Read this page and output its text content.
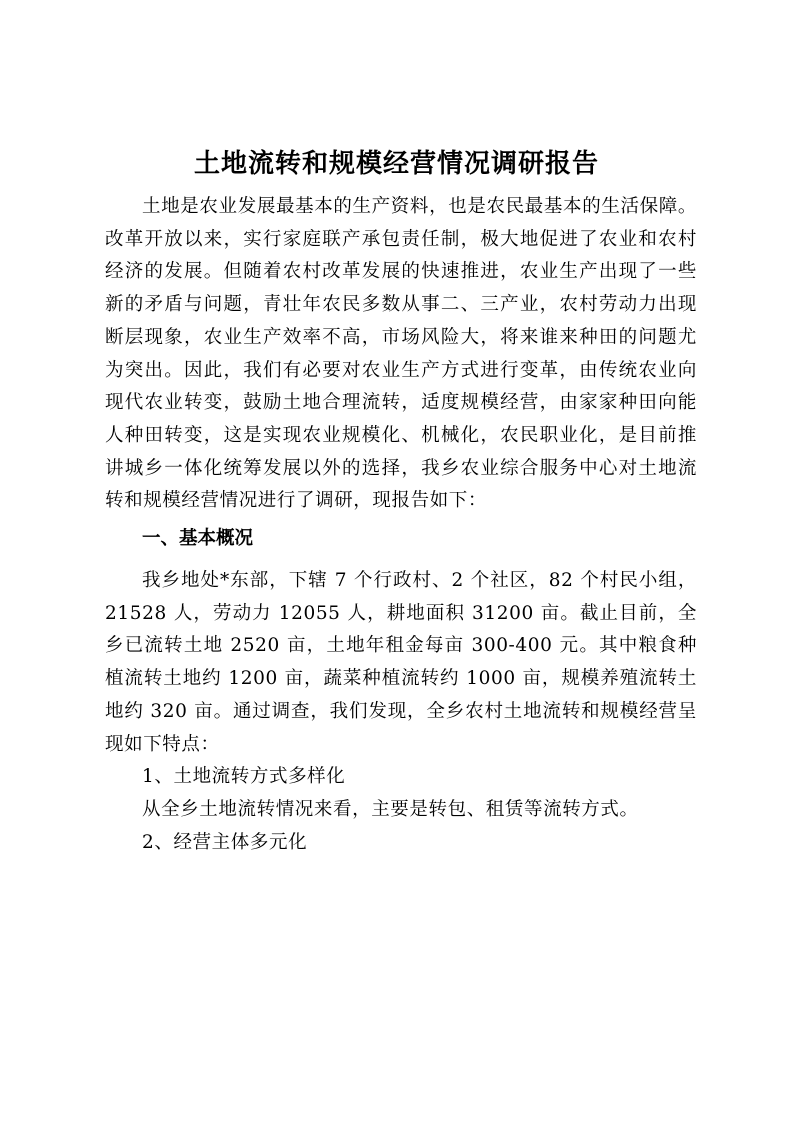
土地流转和规模经营情况调研报告

土地是农业发展最基本的生产资料，也是农民最基本的生活保障。改革开放以来，实行家庭联产承包责任制，极大地促进了农业和农村经济的发展。但随着农村改革发展的快速推进，农业生产出现了一些新的矛盾与问题，青壮年农民多数从事二、三产业，农村劳动力出现断层现象，农业生产效率不高，市场风险大，将来谁来种田的问题尤为突出。因此，我们有必要对农业生产方式进行变革，由传统农业向现代农业转变，鼓励土地合理流转，适度规模经营，由家家种田向能人种田转变，这是实现农业规模化、机械化，农民职业化，是目前推讲城乡一体化统筹发展以外的选择，我乡农业综合服务中心对土地流转和规模经营情况进行了调研，现报告如下：

一、基本概况

我乡地处*东部，下辖 7 个行政村、2 个社区，82 个村民小组，21528 人，劳动力 12055 人，耕地面积 31200 亩。截止目前，全乡已流转土地 2520 亩，土地年租金每亩 300-400 元。其中粮食种植流转土地约 1200 亩，蔬菜种植流转约 1000 亩，规模养殖流转土地约 320 亩。通过调查，我们发现，全乡农村土地流转和规模经营呈现如下特点：

1、土地流转方式多样化

从全乡土地流转情况来看，主要是转包、租赁等流转方式。

2、经营主体多元化
